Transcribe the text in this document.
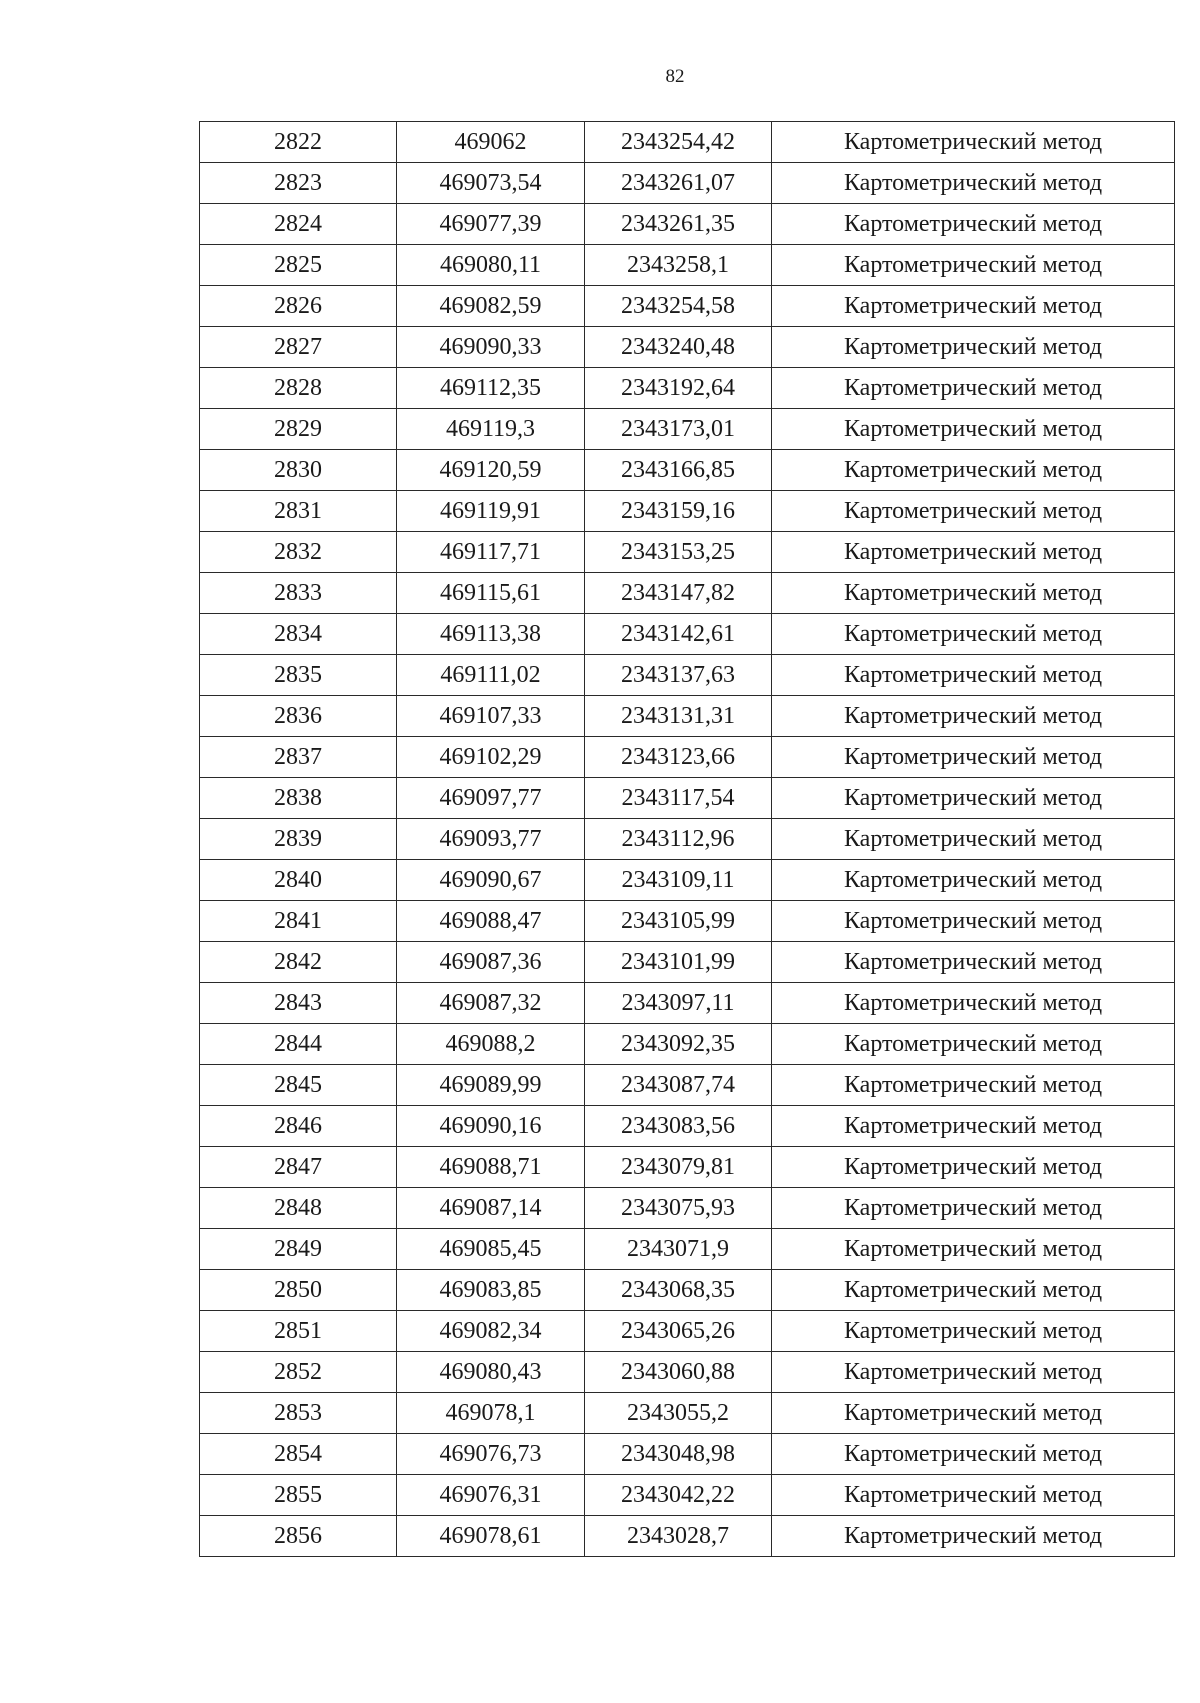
82
2822	469062	2343254,42	Картометрический метод
2823	469073,54	2343261,07	Картометрический метод
2824	469077,39	2343261,35	Картометрический метод
2825	469080,11	2343258,1	Картометрический метод
2826	469082,59	2343254,58	Картометрический метод
2827	469090,33	2343240,48	Картометрический метод
2828	469112,35	2343192,64	Картометрический метод
2829	469119,3	2343173,01	Картометрический метод
2830	469120,59	2343166,85	Картометрический метод
2831	469119,91	2343159,16	Картометрический метод
2832	469117,71	2343153,25	Картометрический метод
2833	469115,61	2343147,82	Картометрический метод
2834	469113,38	2343142,61	Картометрический метод
2835	469111,02	2343137,63	Картометрический метод
2836	469107,33	2343131,31	Картометрический метод
2837	469102,29	2343123,66	Картометрический метод
2838	469097,77	2343117,54	Картометрический метод
2839	469093,77	2343112,96	Картометрический метод
2840	469090,67	2343109,11	Картометрический метод
2841	469088,47	2343105,99	Картометрический метод
2842	469087,36	2343101,99	Картометрический метод
2843	469087,32	2343097,11	Картометрический метод
2844	469088,2	2343092,35	Картометрический метод
2845	469089,99	2343087,74	Картометрический метод
2846	469090,16	2343083,56	Картометрический метод
2847	469088,71	2343079,81	Картометрический метод
2848	469087,14	2343075,93	Картометрический метод
2849	469085,45	2343071,9	Картометрический метод
2850	469083,85	2343068,35	Картометрический метод
2851	469082,34	2343065,26	Картометрический метод
2852	469080,43	2343060,88	Картометрический метод
2853	469078,1	2343055,2	Картометрический метод
2854	469076,73	2343048,98	Картометрический метод
2855	469076,31	2343042,22	Картометрический метод
2856	469078,61	2343028,7	Картометрический метод
